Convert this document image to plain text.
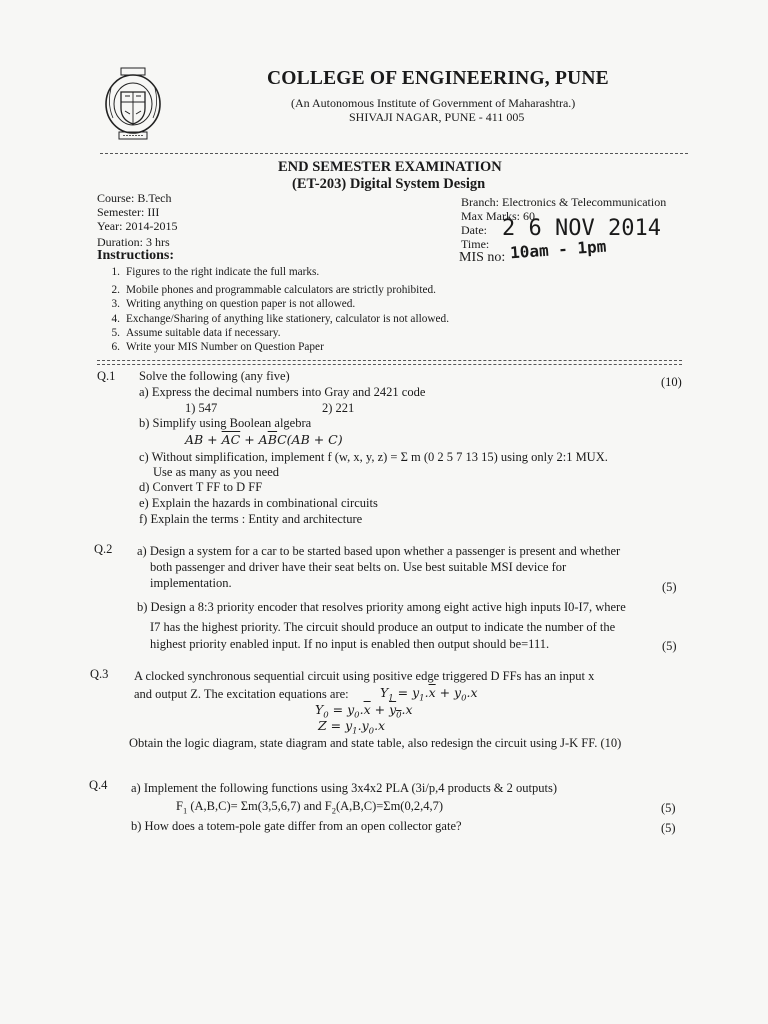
COLLEGE OF ENGINEERING, PUNE
(An Autonomous Institute of Government of Maharashtra.)
SHIVAJI NAGAR, PUNE - 411 005
END SEMESTER EXAMINATION
(ET-203) Digital System Design
Course: B.Tech
Semester: III
Year: 2014-2015
Duration: 3 hrs
Branch: Electronics & Telecommunication
Max Marks: 60
Date: 2 6 NOV 2014
Time: 10am - 1pm
MIS no:
Instructions:
1. Figures to the right indicate the full marks.
2. Mobile phones and programmable calculators are strictly prohibited.
3. Writing anything on question paper is not allowed.
4. Exchange/Sharing of anything like stationery, calculator is not allowed.
5. Assume suitable data if necessary.
6. Write your MIS Number on Question Paper
Q.1 Solve the following (any five)	(10)
a) Express the decimal numbers into Gray and 2421 code
1) 547	2) 221
b) Simplify using Boolean algebra
AB + $\overline{AC} + A\overline{B}C(AB + C)$
c) Without simplification, implement f (w, x, y, z) = Σ m (0 2 5 7 13 15) using only 2:1 MUX.
Use as many as you need
d) Convert T FF to D FF
e) Explain the hazards in combinational circuits
f) Explain the terms : Entity and architecture
Q.2 a) Design a system for a car to be started based upon whether a passenger is present and whether
both passenger and driver have their seat belts on. Use best suitable MSI device for
implementation.	(5)
b) Design a 8:3 priority encoder that resolves priority among eight active high inputs I0-I7, where
I7 has the highest priority. The circuit should produce an output to indicate the number of the
highest priority enabled input. If no input is enabled then output should be=111.	(5)
Q.3 A clocked synchronous sequential circuit using positive edge triggered D FFs has an input x
and output Z. The excitation equations are:	$Y_1 = y_1.\overline{x} + y_0.x$
$Y_0 = y_0.\overline{x} + y_0.x$
$Z = y_1.y_0.x$
Obtain the logic diagram, state diagram and state table, also redesign the circuit using J-K FF. (10)
Q.4 a) Implement the following functions using 3x4x2 PLA (3i/p,4 products & 2 outputs)
$F_1$ (A,B,C)= Σm(3,5,6,7) and $F_2(A,B,C)=\Sigma m(0,2,4,7)$	(5)
b) How does a totem-pole gate differ from an open collector gate?	(5)
